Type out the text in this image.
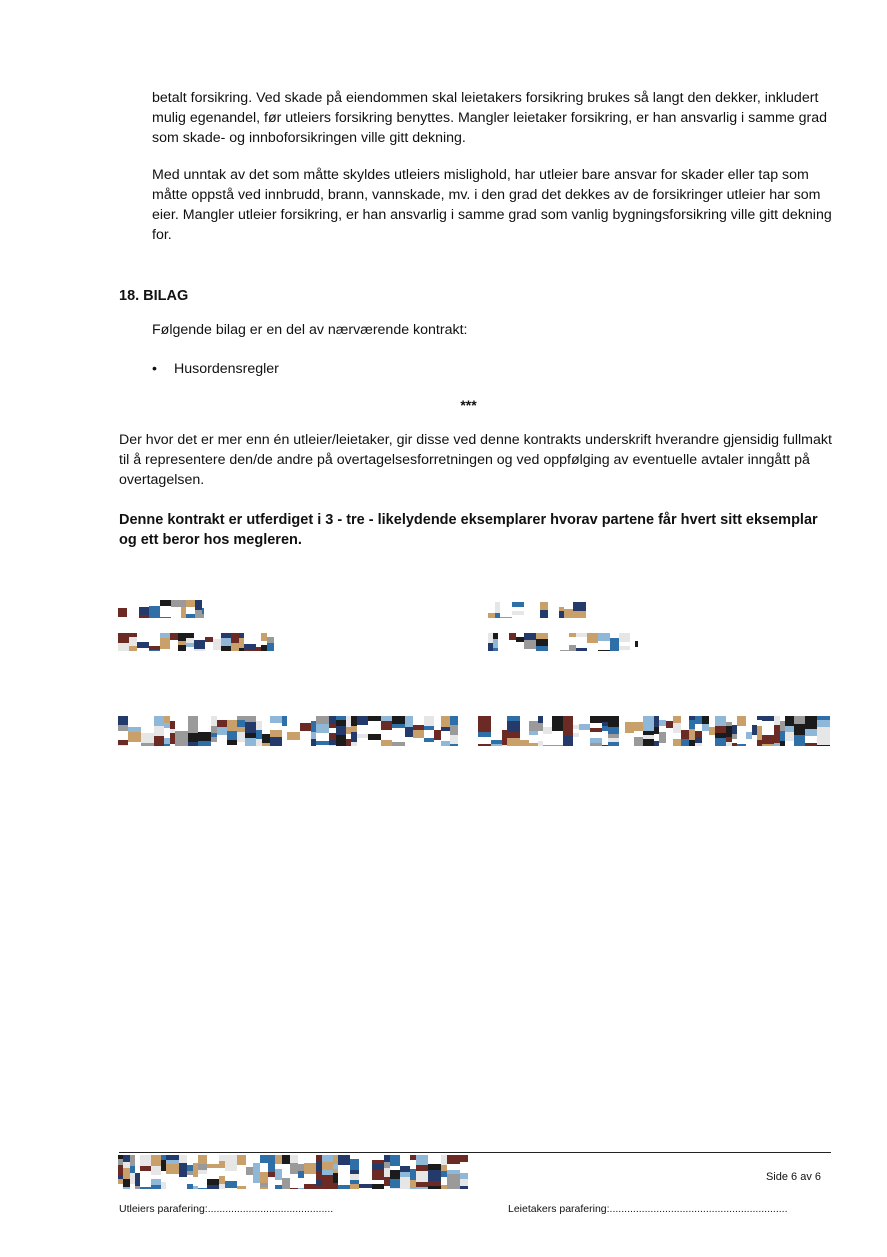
betalt forsikring. Ved skade på eiendommen skal leietakers forsikring brukes så langt den dekker, inkludert mulig egenandel, før utleiers forsikring benyttes. Mangler leietaker forsikring, er han ansvarlig i samme grad som skade- og innboforsikringen ville gitt dekning.

Med unntak av det som måtte skyldes utleiers mislighold, har utleier bare ansvar for skader eller tap som måtte oppstå ved innbrudd, brann, vannskade, mv. i den grad det dekkes av de forsikringer utleier har som eier. Mangler utleier forsikring, er han ansvarlig i samme grad som vanlig bygningsforsikring ville gitt dekning for.

18. BILAG

Følgende bilag er en del av nærværende kontrakt:

• Husordensregler
***

Der hvor det er mer enn én utleier/leietaker, gir disse ved denne kontrakts underskrift hverandre gjensidig fullmakt til å representere den/de andre på overtagelsesforretningen og ved oppfølging av eventuelle avtaler inngått på overtagelsen.

Denne kontrakt er utferdiget i 3 - tre - likelydende eksemplarer hvorav partene får hvert sitt eksemplar og ett beror hos megleren.

Side 6 av 6
Utleiers parafering:...........................................	Leietakers parafering:.............................................................
